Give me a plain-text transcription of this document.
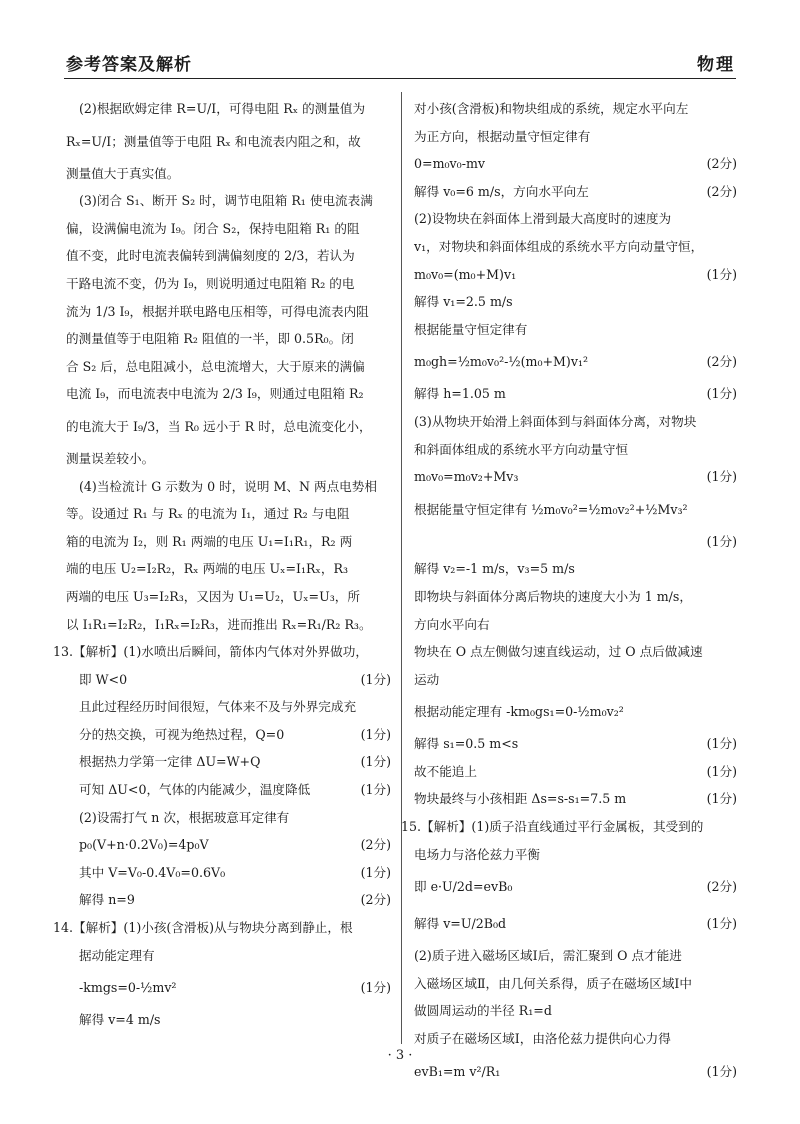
参考答案及解析	物理
(2)根据欧姆定律 R=U/I，可得电阻 Rₓ 的测量值为
Rₓ=U/I；测量值等于电阻 Rₓ 和电流表内阻之和，故
测量值大于真实值。
(3)闭合 S₁、断开 S₂ 时，调节电阻箱 R₁ 使电流表满
偏，设满偏电流为 I₉。闭合 S₂，保持电阻箱 R₁ 的阻
值不变，此时电流表偏转到满偏刻度的 2/3，若认为
干路电流不变，仍为 I₉，则说明通过电阻箱 R₂ 的电
流为 1/3 I₉，根据并联电路电压相等，可得电流表内阻
的测量值等于电阻箱 R₂ 阻值的一半，即 0.5R₀。闭
合 S₂ 后，总电阻减小，总电流增大，大于原来的满偏
电流 I₉，而电流表中电流为 2/3 I₉，则通过电阻箱 R₂
的电流大于 I₉/3，当 R₀ 远小于 R 时，总电流变化小，
测量误差较小。
(4)当检流计 G 示数为 0 时，说明 M、N 两点电势相
等。设通过 R₁ 与 Rₓ 的电流为 I₁，通过 R₂ 与电阻
箱的电流为 I₂，则 R₁ 两端的电压 U₁=I₁R₁，R₂ 两
端的电压 U₂=I₂R₂，Rₓ 两端的电压 Uₓ=I₁Rₓ，R₃
两端的电压 U₃=I₂R₃，又因为 U₁=U₂，Uₓ=U₃，所
以 I₁R₁=I₂R₂，I₁Rₓ=I₂R₃，进而推出 Rₓ=R₁/R₂ R₃。
13.【解析】(1)水喷出后瞬间，箭体内气体对外界做功，
即 W<0	(1分)
且此过程经历时间很短，气体来不及与外界完成充
分的热交换，可视为绝热过程，Q=0	(1分)
根据热力学第一定律 ΔU=W+Q	(1分)
可知 ΔU<0，气体的内能减少，温度降低	(1分)
(2)设需打气 n 次，根据玻意耳定律有
p₀(V+n·0.2V₀)=4p₀V	(2分)
其中 V=V₀-0.4V₀=0.6V₀	(1分)
解得 n=9	(2分)
14.【解析】(1)小孩(含滑板)从与物块分离到静止，根
据动能定理有
-kmgs=0-½mv²	(1分)
解得 v=4 m/s
对小孩(含滑板)和物块组成的系统，规定水平向左
为正方向，根据动量守恒定律有
0=m₀v₀-mv	(2分)
解得 v₀=6 m/s，方向水平向左	(2分)
(2)设物块在斜面体上滑到最大高度时的速度为
v₁，对物块和斜面体组成的系统水平方向动量守恒，
m₀v₀=(m₀+M)v₁	(1分)
解得 v₁=2.5 m/s
根据能量守恒定律有
m₀gh=½m₀v₀²-½(m₀+M)v₁²	(2分)
解得 h=1.05 m	(1分)
(3)从物块开始滑上斜面体到与斜面体分离，对物块
和斜面体组成的系统水平方向动量守恒
m₀v₀=m₀v₂+Mv₃	(1分)
根据能量守恒定律有 ½m₀v₀²=½m₀v₂²+½Mv₃²
(1分)
解得 v₂=-1 m/s，v₃=5 m/s
即物块与斜面体分离后物块的速度大小为 1 m/s，
方向水平向右
物块在 O 点左侧做匀速直线运动，过 O 点后做减速
运动
根据动能定理有 -km₀gs₁=0-½m₀v₂²
解得 s₁=0.5 m<s	(1分)
故不能追上	(1分)
物块最终与小孩相距 Δs=s-s₁=7.5 m	(1分)
15.【解析】(1)质子沿直线通过平行金属板，其受到的
电场力与洛伦兹力平衡
即 e·U/2d=evB₀	(2分)
解得 v=U/2B₀d	(1分)
(2)质子进入磁场区域Ⅰ后，需汇聚到 O 点才能进
入磁场区域Ⅱ，由几何关系得，质子在磁场区域Ⅰ中
做圆周运动的半径 R₁=d
对质子在磁场区域Ⅰ，由洛伦兹力提供向心力得
evB₁=m v²/R₁	(1分)
· 3 ·
